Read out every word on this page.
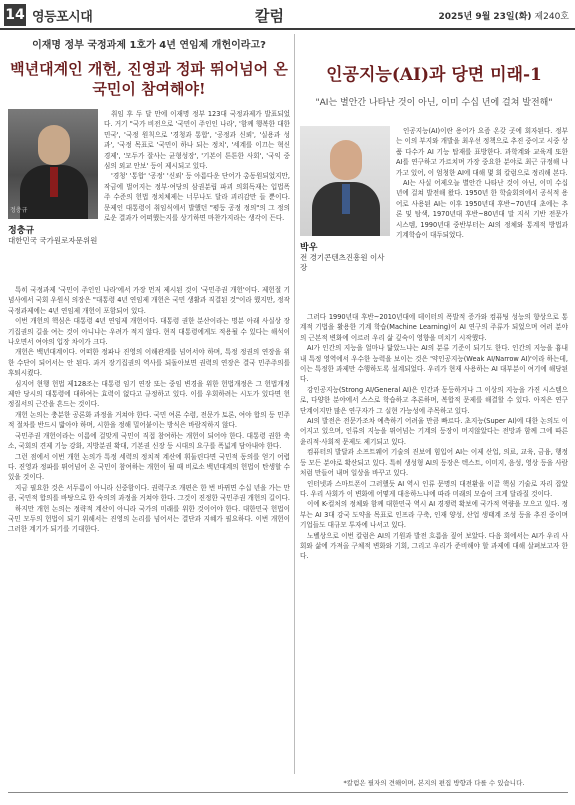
14 영등포시대	칼럼	2025년 9월 23일(화) 제240호
이재명 정부 국정과제 1호가 4년 연임제 개헌이라고?
백년대계인 개헌, 진영과 정파 뛰어넘어 온 국민이 참여해야!
정충규
정충규
대한민국 국가원로자문위원

취임 후 두 달 만에 이재명 정부 123대 국정과제가 발표되었다. 거기 "국가 비전으로 '국민이 주인인 나라', '함께 행복한 대한민국', '국정 원칙으로 '경청과 통합', '공정과 신뢰', '실용과 성과', '국정 목표로 '국민이 하나 되는 정치', '세계를 이끄는 혁신 경제', '모두가 잘사는 균형성장', '기본이 튼튼한 사회', '국익 중심의 외교 안보' 등이 제시되고 있다.

'경청' '통합' '공정' '신뢰' 등 아름다운 단어가 총동원되었지만, 작금에 벌어지는 정부·여당의 삼권분립 파괴 의회독재는 입법폭주 수준의 헌법 정치체제는 너무나도 달라 괴리감만 들 뿐이다. 문제인 대통령이 취임식에서 발했던 "평등 공정 정의"의 그 정의로운 결과가 어떠했는지를 상기하면 마찬가지라는 생각이 든다.

특히 국정과제 '국민이 주인인 나라'에서 가장 먼저 제시된 것이 '국민주권 개헌'이다. 제헌절 기념사에서 국회 우원식 의장은 "대통령 4년 연임제 개헌은 국민 생활과 직결된 것"이라 했지만, 정작 국정과제에는 4년 연임제 개헌이 포함되어 있다.

이번 개헌의 핵심은 대통령 4년 연임제 개헌이다. 대통령 권한 분산이라는 명분 아래 사실상 장기집권의 길을 여는 것이 아니냐는 우려가 적지 않다. 현직 대통령에게도 적용될 수 있다는 해석이 나오면서 여야의 입장 차이가 크다.

개헌은 백년대계이다. 어떠한 정파나 진영의 이해관계를 넘어서야 하며, 특정 정권의 연장을 위한 수단이 되어서는 안 된다. 과거 장기집권의 역사를 되돌아보면 권력의 연장은 결국 민주주의를 후퇴시켰다.

심지어 현행 헌법 제128조는 대통령 임기 연장 또는 중임 변경을 위한 헌법개정은 그 헌법개정 제안 당시의 대통령에 대하여는 효력이 없다고 규정하고 있다. 이를 우회하려는 시도가 있다면 헌정질서의 근간을 흔드는 것이다.

개헌 논의는 충분한 공론화 과정을 거쳐야 한다. 국민 여론 수렴, 전문가 토론, 여야 합의 등 민주적 절차를 반드시 밟아야 하며, 시한을 정해 밀어붙이는 방식은 바람직하지 않다.

국민주권 개헌이라는 이름에 걸맞게 국민이 직접 참여하는 개헌이 되어야 한다. 대통령 권한 축소, 국회의 견제 기능 강화, 지방분권 확대, 기본권 신장 등 시대의 요구를 폭넓게 담아내야 한다.

그런 점에서 이번 개헌 논의가 특정 세력의 정치적 계산에 휘둘린다면 국민적 동의를 얻기 어렵다. 진영과 정파를 뛰어넘어 온 국민이 참여하는 개헌이 될 때 비로소 백년대계의 헌법이 탄생할 수 있을 것이다.

지금 필요한 것은 서두름이 아니라 신중함이다. 권력구조 개편은 한 번 바뀌면 수십 년을 가는 만큼, 국민적 합의를 바탕으로 한 숙의의 과정을 거쳐야 한다. 그것이 진정한 국민주권 개헌의 길이다.

하지만 개헌 논의는 정략적 계산이 아니라 국가의 미래를 위한 것이어야 한다. 대한민국 헌법이 국민 모두의 헌법이 되기 위해서는 진영의 논리를 넘어서는 결단과 지혜가 필요하다. 이번 개헌이 그러한 계기가 되기를 기대한다.

인공지능(AI)과 당면 미래-1
"AI는 별안간 나타난 것이 아닌, 이미 수십 년에 걸쳐 발전해"
박우
전 경기콘텐츠진흥원 이사장

인공지능(AI)이란 용어가 요즘 온갖 곳에 회자된다. 정부는 이의 부지와 개발을 최우선 정책으로 추진 중이고 시중 상품 다수가 AI 기능 탑재를 표방한다. 과학계와 교육계 또한 AI를 연구하고 가르치며 가장 중요한 분야로 최근 규정해 나가고 있어, 이 엄청한 AI에 대해 몇 회 칼럼으로 정리해 본다.

AI는 사실 어제오늘 별안간 나타난 것이 아닌, 이미 수십 년에 걸쳐 발전해 왔다. 1950년 한 학술회의에서 공식적 용어로 사용된 AI는 이후 1950년대 후반~70년대 초에는 추론 및 탐색, 1970년대 후반~80년대 말 지식 기반 전문가 시스템, 1990년대 중반부터는 AI의 정체와 통계적 방법과 기계학습이 대두되었다.

그러다 1990년대 후반~2010년대에 데이터의 폭발적 증가와 컴퓨팅 성능의 향상으로 통계적 기법을 활용한 기계 학습(Machine Learning)이 AI 연구의 주류가 되었으며 여러 분야의 근본적 변화에 이르러 우리 삶 깊숙이 영향을 미치기 시작했다.

AI가 인간의 지능을 얼마나 닮았느냐는 AI의 분류 기준이 되기도 한다. 인간의 지능을 흉내 내 특정 영역에서 우수한 능력을 보이는 것은 '약인공지능(Weak AI/Narrow AI)'이라 하는데, 이는 특정한 과제만 수행하도록 설계되었다. 우리가 현재 사용하는 AI 대부분이 여기에 해당된다.

강인공지능(Strong AI/General AI)은 인간과 동등하거나 그 이상의 지능을 가진 시스템으로, 다양한 분야에서 스스로 학습하고 추론하며, 복합적 문제를 해결할 수 있다. 아직은 연구 단계이지만 많은 연구자가 그 실현 가능성에 주목하고 있다.

AI의 발전은 전문가조차 예측하기 어려울 만큼 빠르다. 초지능(Super AI)에 대한 논의도 이어지고 있으며, 인류의 지능을 뛰어넘는 기계의 등장이 머지않았다는 전망과 함께 그에 따른 윤리적·사회적 문제도 제기되고 있다.

컴퓨터의 발달과 소프트웨어 기술의 진보에 힘입어 AI는 이제 산업, 의료, 교육, 금융, 행정 등 모든 분야로 확산되고 있다. 특히 생성형 AI의 등장은 텍스트, 이미지, 음성, 영상 등을 사람처럼 만들어 내며 일상을 바꾸고 있다.

인터넷과 스마트폰이 그러했듯 AI 역시 인류 문명의 대전환을 이끌 핵심 기술로 자리 잡았다. 우리 사회가 이 변화에 어떻게 대응하느냐에 따라 미래의 모습이 크게 달라질 것이다.

이에 K-컬처의 정체와 함께 대한민국 역시 AI 경쟁력 확보에 국가적 역량을 모으고 있다. 정부는 AI 3대 강국 도약을 목표로 인프라 구축, 인재 양성, 산업 생태계 조성 등을 추진 중이며 기업들도 대규모 투자에 나서고 있다.

노벨상으로 이번 칼럼은 AI의 기원과 발전 흐름을 짚어 보았다. 다음 회에서는 AI가 우리 사회와 삶에 가져올 구체적 변화와 기회, 그리고 우리가 준비해야 할 과제에 대해 살펴보고자 한다.

*칼럼은 필자의 견해이며, 본지의 편집 방향과 다를 수 있습니다.
